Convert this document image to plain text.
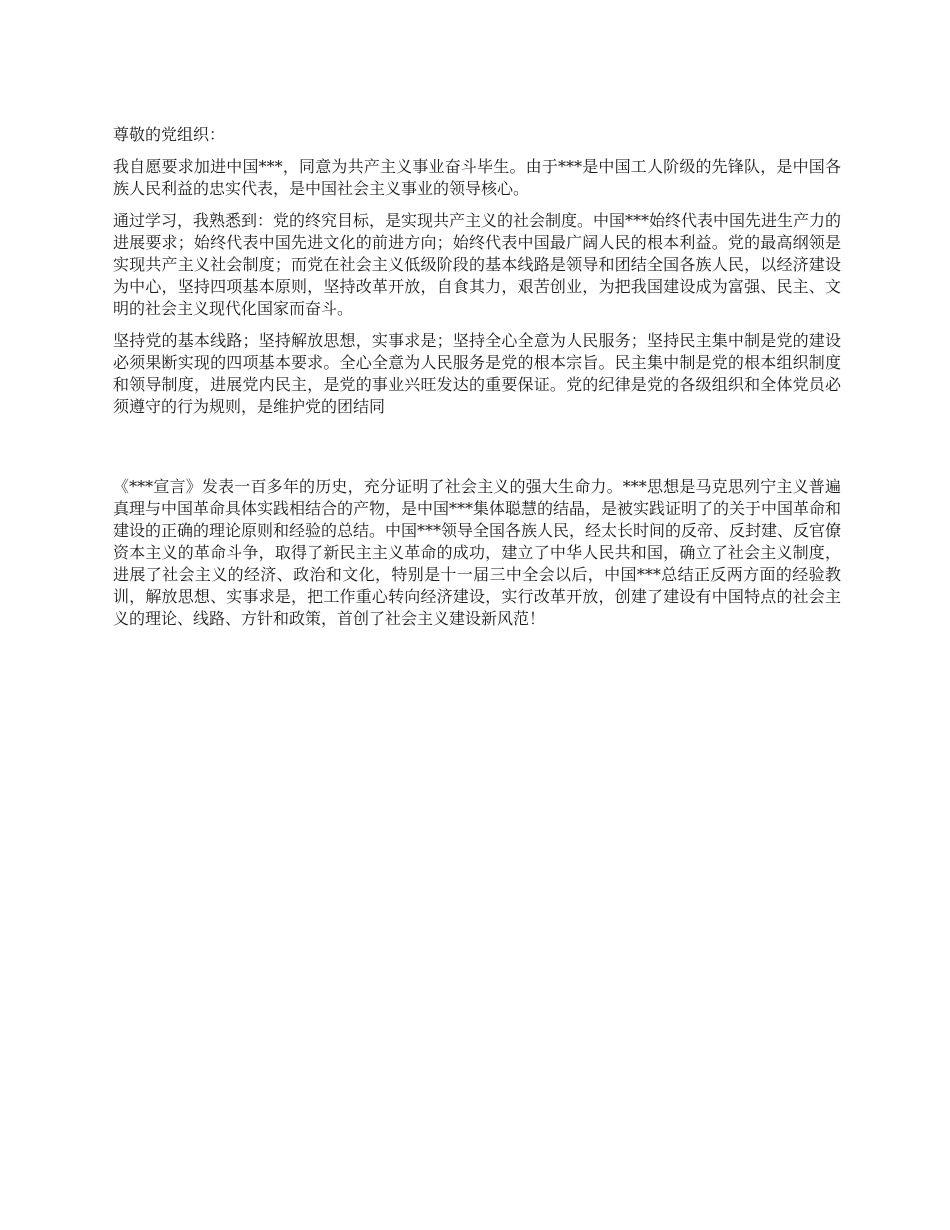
尊敬的党组织：

我自愿要求加进中国***，同意为共产主义事业奋斗毕生。由于***是中国工人阶级的先锋队，是中国各族人民利益的忠实代表，是中国社会主义事业的领导核心。

通过学习，我熟悉到：党的终究目标，是实现共产主义的社会制度。中国***始终代表中国先进生产力的进展要求；始终代表中国先进文化的前进方向；始终代表中国最广阔人民的根本利益。党的最高纲领是实现共产主义社会制度；而党在社会主义低级阶段的基本线路是领导和团结全国各族人民，以经济建设为中心，坚持四项基本原则，坚持改革开放，自食其力，艰苦创业，为把我国建设成为富强、民主、文明的社会主义现代化国家而奋斗。

坚持党的基本线路；坚持解放思想，实事求是；坚持全心全意为人民服务；坚持民主集中制是党的建设必须果断实现的四项基本要求。全心全意为人民服务是党的根本宗旨。民主集中制是党的根本组织制度和领导制度，进展党内民主，是党的事业兴旺发达的重要保证。党的纪律是党的各级组织和全体党员必须遵守的行为规则，是维护党的团结同

《***宣言》发表一百多年的历史，充分证明了社会主义的强大生命力。***思想是马克思列宁主义普遍真理与中国革命具体实践相结合的产物，是中国***集体聪慧的结晶，是被实践证明了的关于中国革命和建设的正确的理论原则和经验的总结。中国***领导全国各族人民，经太长时间的反帝、反封建、反官僚资本主义的革命斗争，取得了新民主主义革命的成功，建立了中华人民共和国，确立了社会主义制度，进展了社会主义的经济、政治和文化，特别是十一届三中全会以后，中国***总结正反两方面的经验教训，解放思想、实事求是，把工作重心转向经济建设，实行改革开放，创建了建设有中国特点的社会主义的理论、线路、方针和政策，首创了社会主义建设新风范！
